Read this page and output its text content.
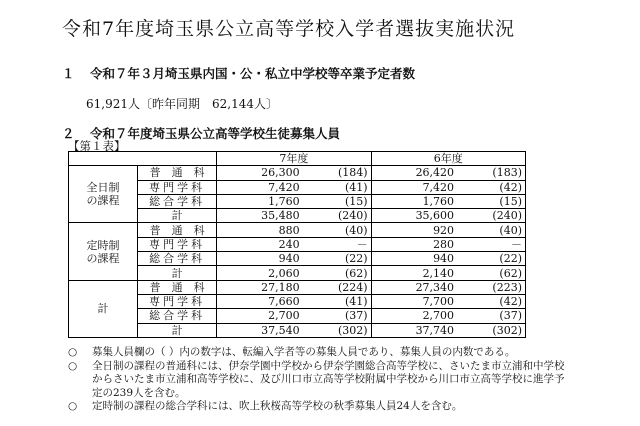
令和7年度埼玉県公立高等学校入学者選抜実施状況
１ 令和７年３月埼玉県内国・公・私立中学校等卒業予定者数
61,921人〔昨年同期　62,144人〕
２ 令和７年度埼玉県公立高等学校生徒募集人員
【第１表】
		7年度		6年度	

全日制
の課程	普　通　科	26,300	(184)	26,420	(183)
	専門学科	7,420	(41)	7,420	(42)
	総合学科	1,760	(15)	1,760	(15)
	計	35,480	(240)	35,600	(240)

定時制
の課程	普　通　科	880	(40)	920	(40)
	専門学科	240	－	280	－
	総合学科	940	(22)	940	(22)
	計	2,060	(62)	2,140	(62)

計	普　通　科	27,180	(224)	27,340	(223)
	専門学科	7,660	(41)	7,700	(42)
	総合学科	2,700	(37)	2,700	(37)
	計	37,540	(302)	37,740	(302)
○ 募集人員欄の（ ）内の数字は、転編入学者等の募集人員であり、募集人員の内数である。
○ 全日制の課程の普通科には、伊奈学園中学校から伊奈学園総合高等学校に、さいたま市立浦和中学校からさいたま市立浦和高等学校に、及び川口市立高等学校附属中学校から川口市立高等学校に進学予定の239人を含む。
○ 定時制の課程の総合学科には、吹上秋桜高等学校の秋季募集人員24人を含む。
